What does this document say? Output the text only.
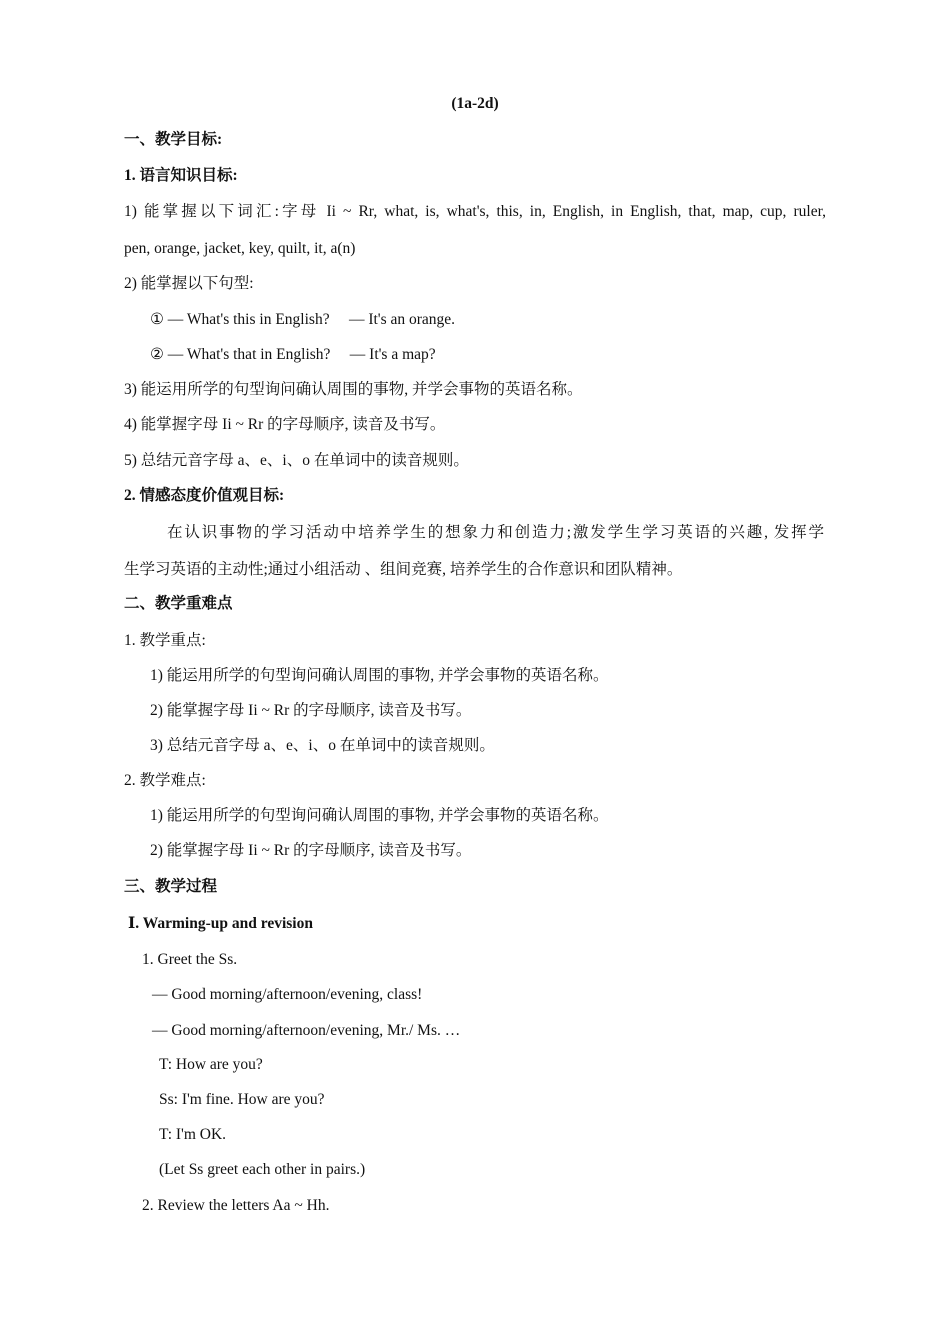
(1a-2d)
一、教学目标:
1. 语言知识目标:
1) 能掌握以下词汇:字母 Ii ~ Rr, what, is, what's, this, in, English, in English, that, map, cup, ruler,
pen, orange, jacket, key, quilt, it, a(n)
2) 能掌握以下句型:
① — What's this in English?     — It's an orange.
② — What's that in English?     — It's a map?
3) 能运用所学的句型询问确认周围的事物, 并学会事物的英语名称。
4) 能掌握字母 Ii ~ Rr 的字母顺序, 读音及书写。
5) 总结元音字母 a、e、i、o 在单词中的读音规则。
2. 情感态度价值观目标:
在认识事物的学习活动中培养学生的想象力和创造力;激发学生学习英语的兴趣, 发挥学
生学习英语的主动性;通过小组活动 、组间竞赛, 培养学生的合作意识和团队精神。
二、教学重难点
1. 教学重点:
1) 能运用所学的句型询问确认周围的事物, 并学会事物的英语名称。
2) 能掌握字母 Ii ~ Rr 的字母顺序, 读音及书写。
3) 总结元音字母 a、e、i、o 在单词中的读音规则。
2. 教学难点:
1) 能运用所学的句型询问确认周围的事物, 并学会事物的英语名称。
2) 能掌握字母 Ii ~ Rr 的字母顺序, 读音及书写。
三、教学过程
Ⅰ. Warming-up and revision
1. Greet the Ss.
— Good morning/afternoon/evening, class!
— Good morning/afternoon/evening, Mr./ Ms. …
T: How are you?
Ss: I'm fine. How are you?
T: I'm OK.
(Let Ss greet each other in pairs.)
2. Review the letters Aa ~ Hh.
